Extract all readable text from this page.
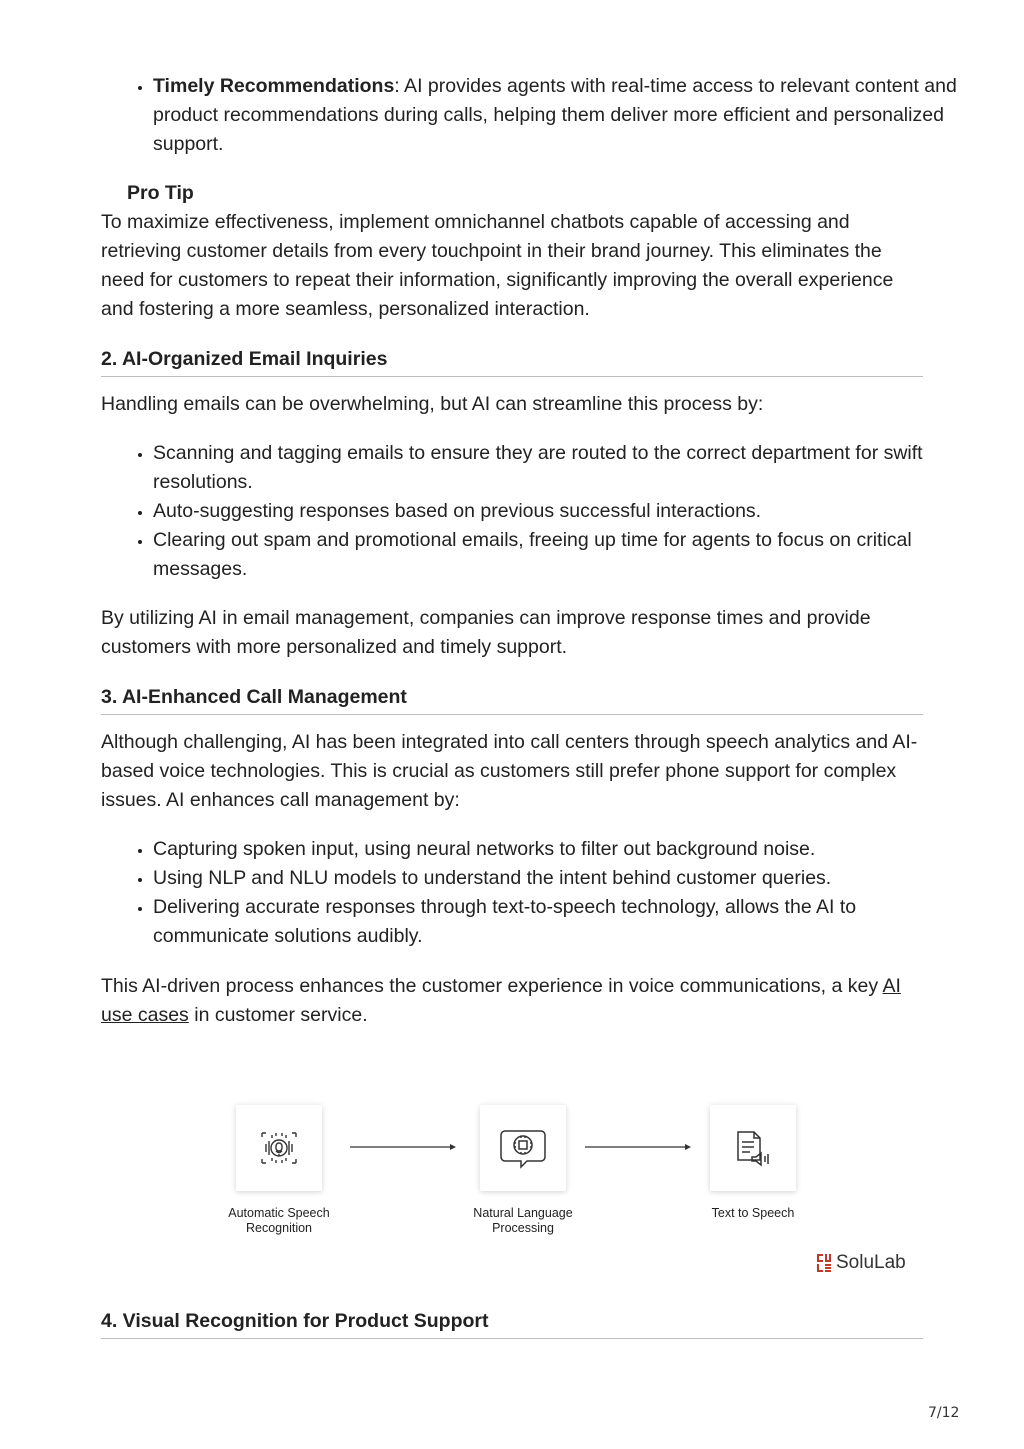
• Timely Recommendations: AI provides agents with real-time access to relevant content and product recommendations during calls, helping them deliver more efficient and personalized support.
Pro Tip

To maximize effectiveness, implement omnichannel chatbots capable of accessing and retrieving customer details from every touchpoint in their brand journey. This eliminates the need for customers to repeat their information, significantly improving the overall experience and fostering a more seamless, personalized interaction.

2. AI-Organized Email Inquiries

Handling emails can be overwhelming, but AI can streamline this process by:

• Scanning and tagging emails to ensure they are routed to the correct department for swift resolutions.
• Auto-suggesting responses based on previous successful interactions.
• Clearing out spam and promotional emails, freeing up time for agents to focus on critical messages.

By utilizing AI in email management, companies can improve response times and provide customers with more personalized and timely support.

3. AI-Enhanced Call Management

Although challenging, AI has been integrated into call centers through speech analytics and AI-based voice technologies. This is crucial as customers still prefer phone support for complex issues. AI enhances call management by:

• Capturing spoken input, using neural networks to filter out background noise.
• Using NLP and NLU models to understand the intent behind customer queries.
• Delivering accurate responses through text-to-speech technology, allows the AI to communicate solutions audibly.

This AI-driven process enhances the customer experience in voice communications, a key AI use cases in customer service.

4. Visual Recognition for Product Support
Automatic Speech
Recognition
Natural Language
Processing
Text to Speech
SoluLab
7/12
